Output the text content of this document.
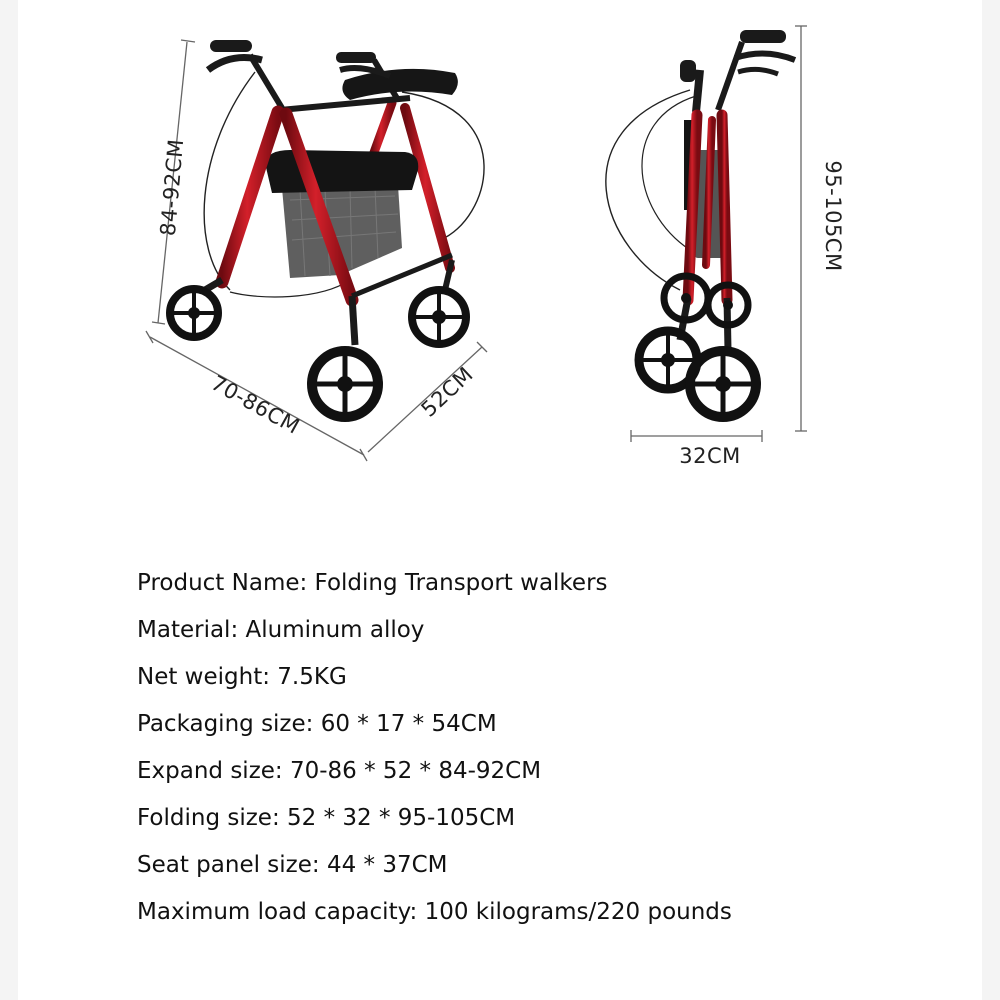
84-92CM
70-86CM	52CM
95-105CM
32CM
Product Name: Folding Transport walkers
Material: Aluminum alloy
Net weight: 7.5KG
Packaging size: 60 * 17 * 54CM
Expand size: 70-86 * 52 * 84-92CM
Folding size: 52 * 32 * 95-105CM
Seat panel size: 44 * 37CM
Maximum load capacity: 100 kilograms/220 pounds
